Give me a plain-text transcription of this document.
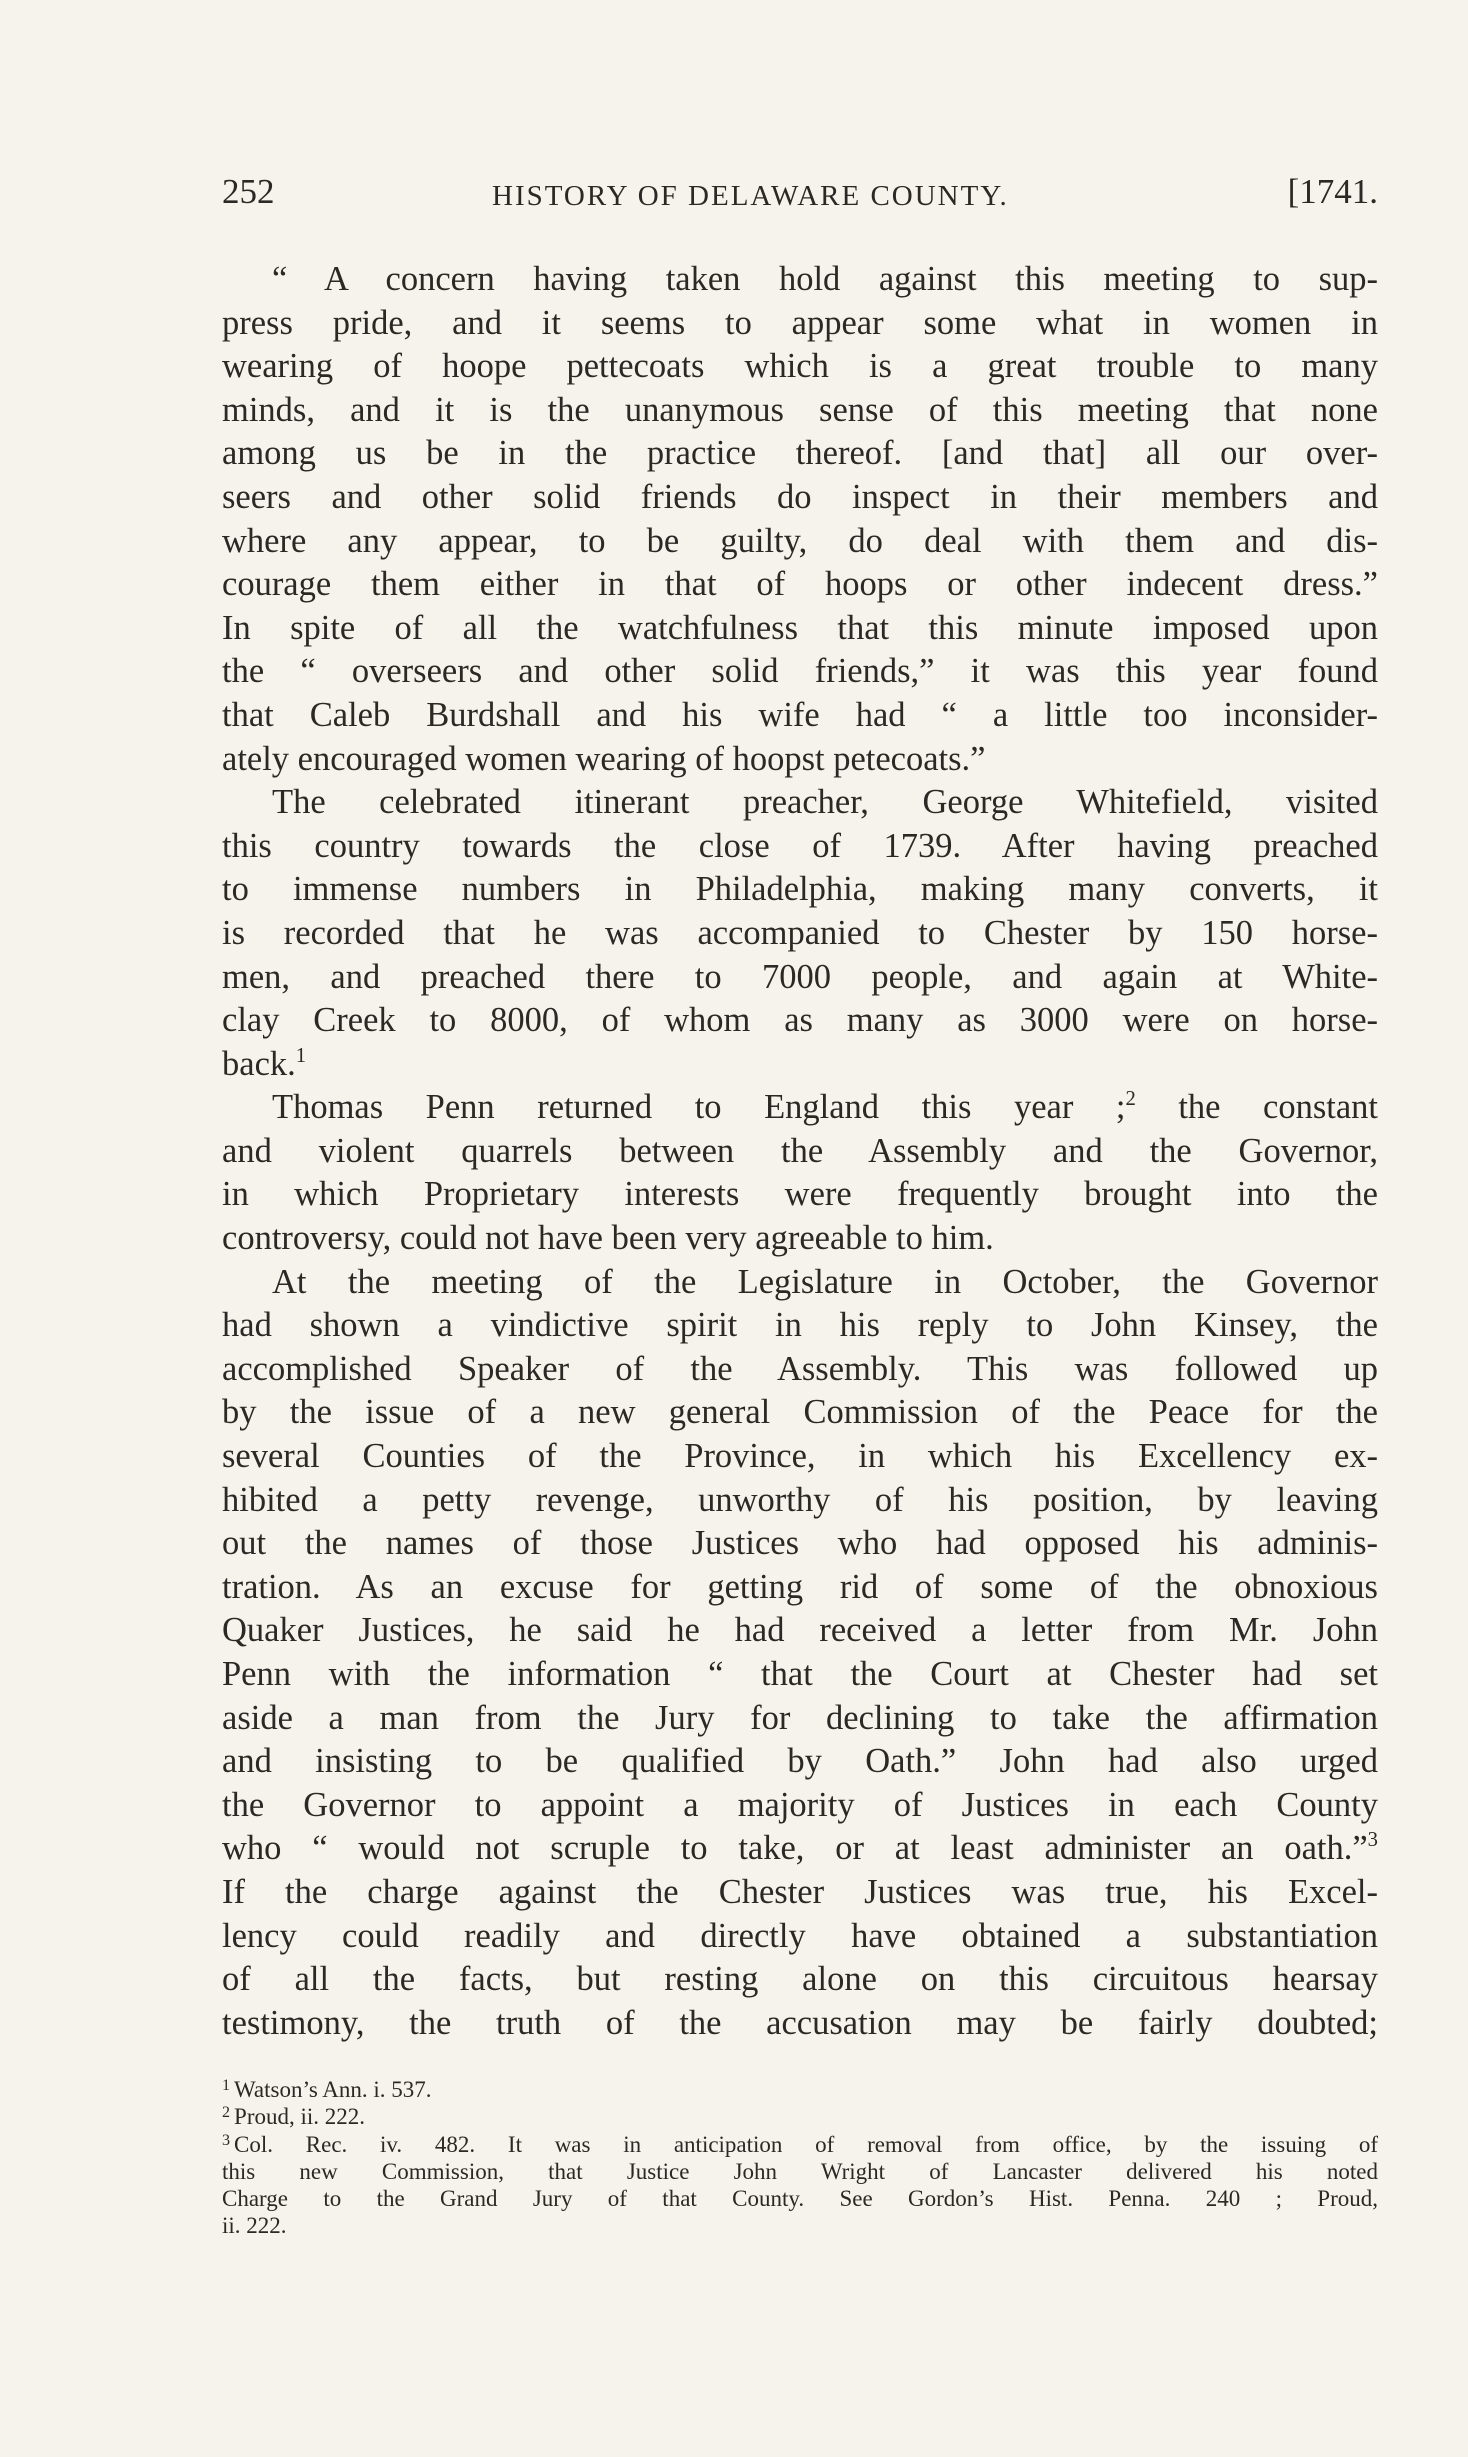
252	HISTORY OF DELAWARE COUNTY.	[1741.
“ A concern having taken hold against this meeting to sup-
press pride, and it seems to appear some what in women in
wearing of hoope pettecoats which is a great trouble to many
minds, and it is the unanymous sense of this meeting that none
among us be in the practice thereof. [and that] all our over-
seers and other solid friends do inspect in their members and
where any appear, to be guilty, do deal with them and dis-
courage them either in that of hoops or other indecent dress.”
In spite of all the watchfulness that this minute imposed upon
the “ overseers and other solid friends,” it was this year found
that Caleb Burdshall and his wife had “ a little too inconsider-
ately encouraged women wearing of hoopst petecoats.”
The celebrated itinerant preacher, George Whitefield, visited
this country towards the close of 1739. After having preached
to immense numbers in Philadelphia, making many converts, it
is recorded that he was accompanied to Chester by 150 horse-
men, and preached there to 7000 people, and again at White-
clay Creek to 8000, of whom as many as 3000 were on horse-
back.$^1$
Thomas Penn returned to England this year ;$^2$ the constant
and violent quarrels between the Assembly and the Governor,
in which Proprietary interests were frequently brought into the
controversy, could not have been very agreeable to him.
At the meeting of the Legislature in October, the Governor
had shown a vindictive spirit in his reply to John Kinsey, the
accomplished Speaker of the Assembly. This was followed up
by the issue of a new general Commission of the Peace for the
several Counties of the Province, in which his Excellency ex-
hibited a petty revenge, unworthy of his position, by leaving
out the names of those Justices who had opposed his adminis-
tration. As an excuse for getting rid of some of the obnoxious
Quaker Justices, he said he had received a letter from Mr. John
Penn with the information “ that the Court at Chester had set
aside a man from the Jury for declining to take the affirmation
and insisting to be qualified by Oath.” John had also urged
the Governor to appoint a majority of Justices in each County
who “ would not scruple to take, or at least administer an oath.”$^3$
If the charge against the Chester Justices was true, his Excel-
lency could readily and directly have obtained a substantiation
of all the facts, but resting alone on this circuitous hearsay
testimony, the truth of the accusation may be fairly doubted;
$^1$ Watson’s Ann. i. 537.
$^2$ Proud, ii. 222.
$^3$ Col. Rec. iv. 482. It was in anticipation of removal from office, by the issuing of
this new Commission, that Justice John Wright of Lancaster delivered his noted
Charge to the Grand Jury of that County. See Gordon’s Hist. Penna. 240 ; Proud,
ii. 222.
